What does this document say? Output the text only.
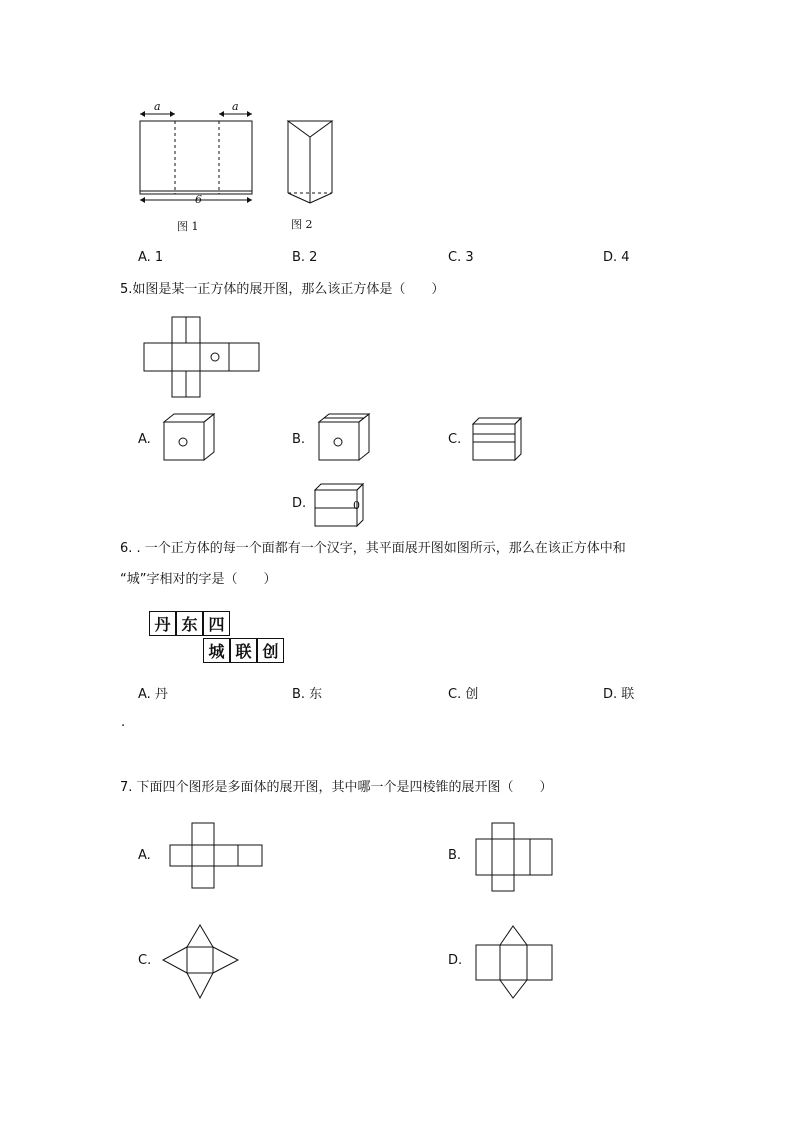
a	a
6
图 1	图 2
A. 1	B. 2	C. 3	D. 4
5.如图是某一正方体的展开图，那么该正方体是（　　）
A.	B.	C.
D.	0
6. . 一个正方体的每一个面都有一个汉字，其平面展开图如图所示，那么在该正方体中和
“城”字相对的字是（　　）
丹 东 四
城 联 创
A. 丹	B. 东	C. 创	D. 联
.
7. 下面四个图形是多面体的展开图，其中哪一个是四棱锥的展开图（　　）
A.	B.
C.	D.
